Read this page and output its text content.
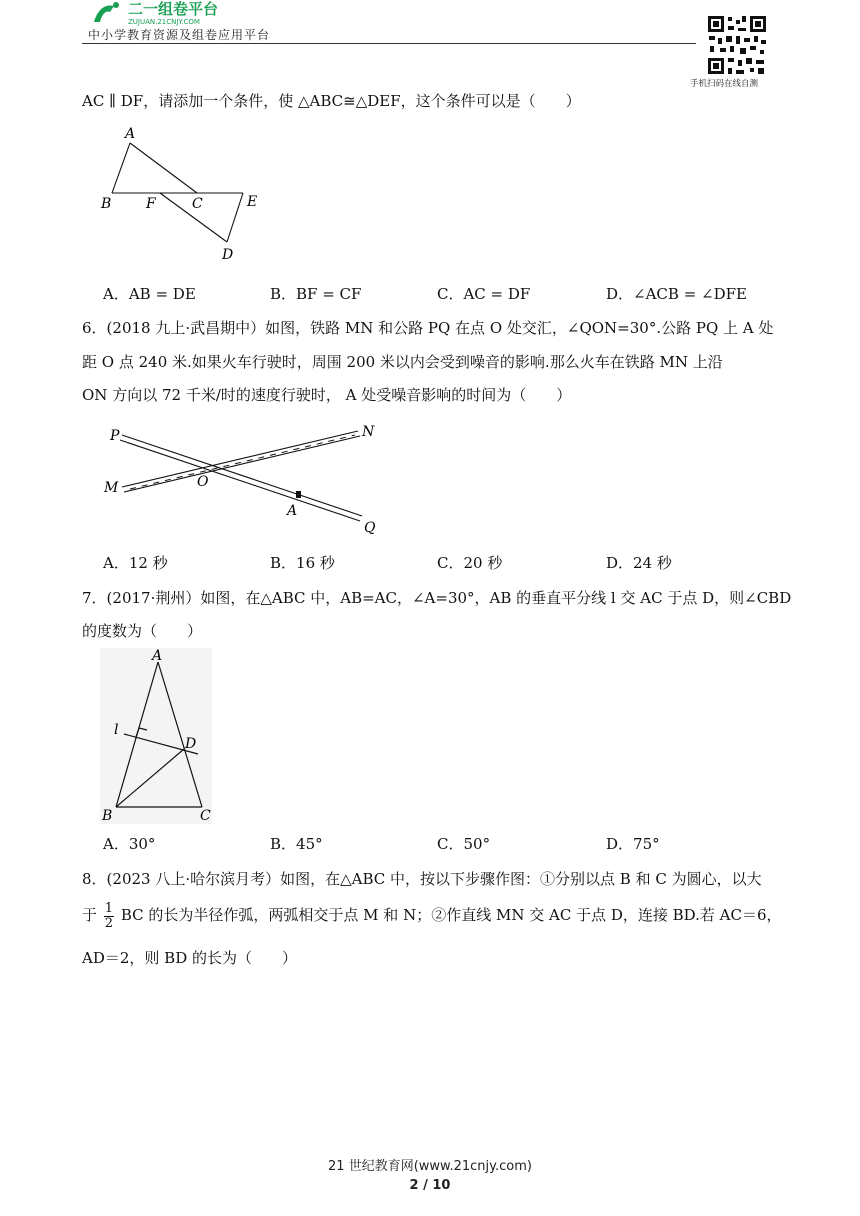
二一组卷平台
ZUJUAN.21CNJY.COM
中小学教育资源及组卷应用平台
手机扫码在线自测
AC ∥ DF，请添加一个条件，使 △ABC≅△DEF，这个条件可以是（　　）
A
B F	C	E
D
A．AB = DE	B．BF = CF	C．AC = DF	D．∠ACB = ∠DFE
6．(2018 九上·武昌期中）如图，铁路 MN 和公路 PQ 在点 O 处交汇，∠QON=30°.公路 PQ 上 A 处
距 O 点 240 米.如果火车行驶时，周围 200 米以内会受到噪音的影响.那么火车在铁路 MN 上沿
ON 方向以 72 千米/时的速度行驶时， A 处受噪音影响的时间为（　　）
P	N
M	O
A
Q
A．12 秒	B．16 秒	C．20 秒	D．24 秒
7．(2017·荆州）如图，在△ABC 中，AB=AC，∠A=30°，AB 的垂直平分线 l 交 AC 于点 D，则∠CBD
的度数为（　　）
A
l
D
B	C
A．30°	B．45°	C．50°	D．75°
8．(2023 八上·哈尔滨月考）如图，在△ABC 中，按以下步骤作图：①分别以点 B 和 C 为圆心，以大
于 $\frac{1}{2}$ BC 的长为半径作弧，两弧相交于点 M 和 N；②作直线 MN 交 AC 于点 D，连接 BD.若 AC＝6，
AD＝2，则 BD 的长为（　　）
21 世纪教育网(www.21cnjy.com)
2 / 10
